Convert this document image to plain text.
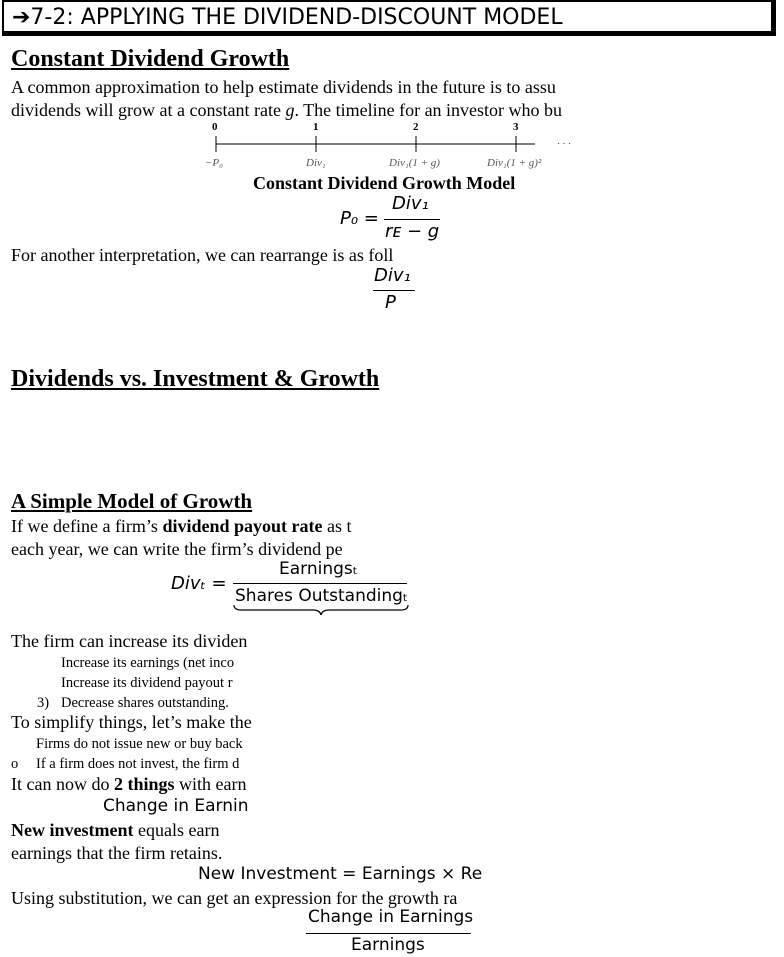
➔7-2: APPLYING THE DIVIDEND-DISCOUNT MODEL
Constant Dividend Growth
A common approximation to help estimate dividends in the future is to assu
dividends will grow at a constant rate g. The timeline for an investor who bu
0	1	2	3
· · ·
−P₀	Div₁	Div₁(1 + g)	Div₁(1 + g)²
Constant Dividend Growth Model
P₀ =
Div₁
rᴇ − g
For another interpretation, we can rearrange is as foll
Div₁
P
Dividends vs. Investment & Growth
A Simple Model of Growth
If we define a firm’s dividend payout rate as t
each year, we can write the firm’s dividend pe
Divₜ =
Earningsₜ
Shares Outstandingₜ
The firm can increase its dividen
Increase its earnings (net inco
Increase its dividend payout r
3) Decrease shares outstanding.
To simplify things, let’s make the
Firms do not issue new or buy back
o If a firm does not invest, the firm d
It can now do 2 things with earn
Change in Earnin
New investment equals earn
earnings that the firm retains.
New Investment = Earnings × Re
Using substitution, we can get an expression for the growth ra
Change in Earnings
Earnings
